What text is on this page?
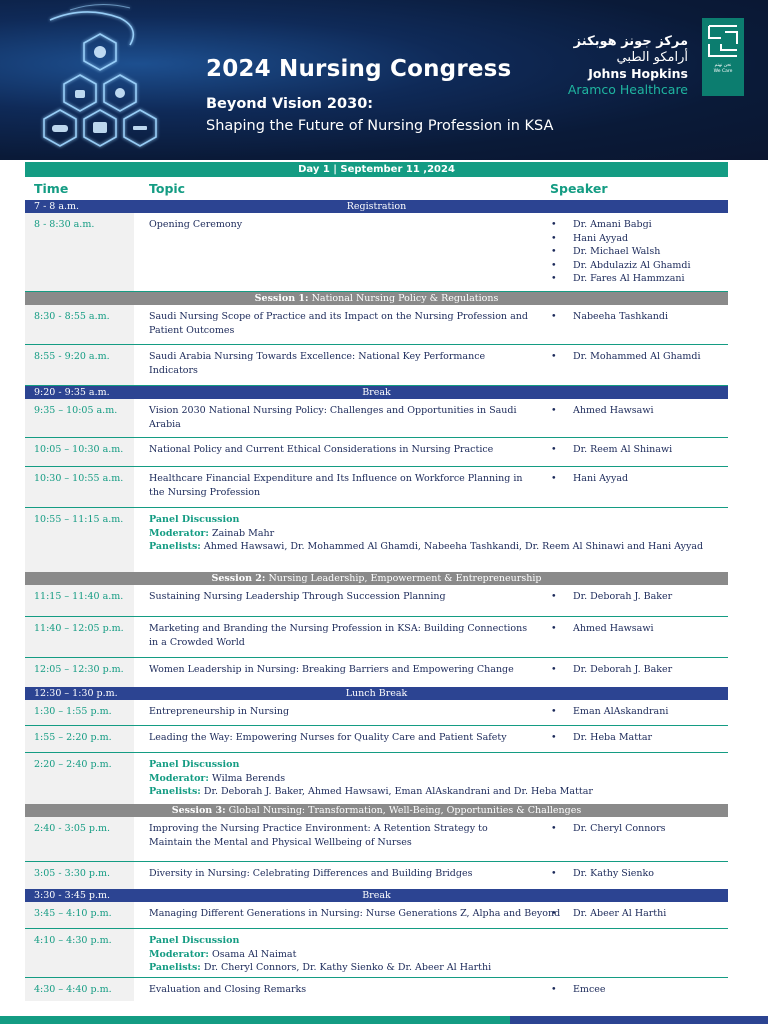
2024 Nursing Congress
Beyond Vision 2030:
Shaping the Future of Nursing Profession in KSA
مركز جونز هوبكنز
أرامكو الطبي
Johns Hopkins
Aramco Healthcare
نحن نهتم
We Care
Day 1 | September 11 ,2024
Time	Topic	Speaker
7 - 8 a.m.	Registration
8 - 8:30 a.m.	Opening Ceremony	• Dr. Amani Babgi
• Hani Ayyad
• Dr. Michael Walsh
• Dr. Abdulaziz Al Ghamdi
• Dr. Fares Al Hammzani
Session 1: National Nursing Policy & Regulations
8:30 - 8:55 a.m.	Saudi Nursing Scope of Practice and its Impact on the Nursing Profession and Patient Outcomes
• Nabeeha Tashkandi
8:55 - 9:20 a.m.	Saudi Arabia Nursing Towards Excellence: National Key Performance Indicators
• Dr. Mohammed Al Ghamdi
9:20 - 9:35 a.m.	Break
9:35 – 10:05 a.m.	Vision 2030 National Nursing Policy: Challenges and Opportunities in Saudi Arabia
• Ahmed Hawsawi
10:05 – 10:30 a.m.	National Policy and Current Ethical Considerations in Nursing Practice	• Dr. Reem Al Shinawi
10:30 – 10:55 a.m.	Healthcare Financial Expenditure and Its Influence on Workforce Planning in the Nursing Profession
• Hani Ayyad
10:55 – 11:15 a.m.	Panel Discussion
Moderator: Zainab Mahr
Panelists: Ahmed Hawsawi, Dr. Mohammed Al Ghamdi, Nabeeha Tashkandi, Dr. Reem Al Shinawi and Hani Ayyad
Session 2: Nursing Leadership, Empowerment & Entrepreneurship
11:15 – 11:40 a.m.	Sustaining Nursing Leadership Through Succession Planning	• Dr. Deborah J. Baker
11:40 – 12:05 p.m.	Marketing and Branding the Nursing Profession in KSA: Building Connections in a Crowded World
• Ahmed Hawsawi
12:05 – 12:30 p.m.	Women Leadership in Nursing: Breaking Barriers and Empowering Change	• Dr. Deborah J. Baker
12:30 – 1:30 p.m.	Lunch Break
1:30 – 1:55 p.m.	Entrepreneurship in Nursing	• Eman AlAskandrani
1:55 – 2:20 p.m.	Leading the Way: Empowering Nurses for Quality Care and Patient Safety	• Dr. Heba Mattar
2:20 – 2:40 p.m.	Panel Discussion
Moderator: Wilma Berends
Panelists: Dr. Deborah J. Baker, Ahmed Hawsawi, Eman AlAskandrani and Dr. Heba Mattar
Session 3: Global Nursing: Transformation, Well-Being, Opportunities & Challenges
2:40 - 3:05 p.m.	Improving the Nursing Practice Environment: A Retention Strategy to Maintain the Mental and Physical Wellbeing of Nurses
• Dr. Cheryl Connors
3:05 - 3:30 p.m.	Diversity in Nursing: Celebrating Differences and Building Bridges	• Dr. Kathy Sienko
3:30 - 3:45 p.m.	Break
3:45 – 4:10 p.m.	Managing Different Generations in Nursing: Nurse Generations Z, Alpha and Beyond	• Dr. Abeer Al Harthi
4:10 – 4:30 p.m.	Panel Discussion
Moderator: Osama Al Naimat
Panelists: Dr. Cheryl Connors, Dr. Kathy Sienko & Dr. Abeer Al Harthi
4:30 – 4:40 p.m.	Evaluation and Closing Remarks	• Emcee
